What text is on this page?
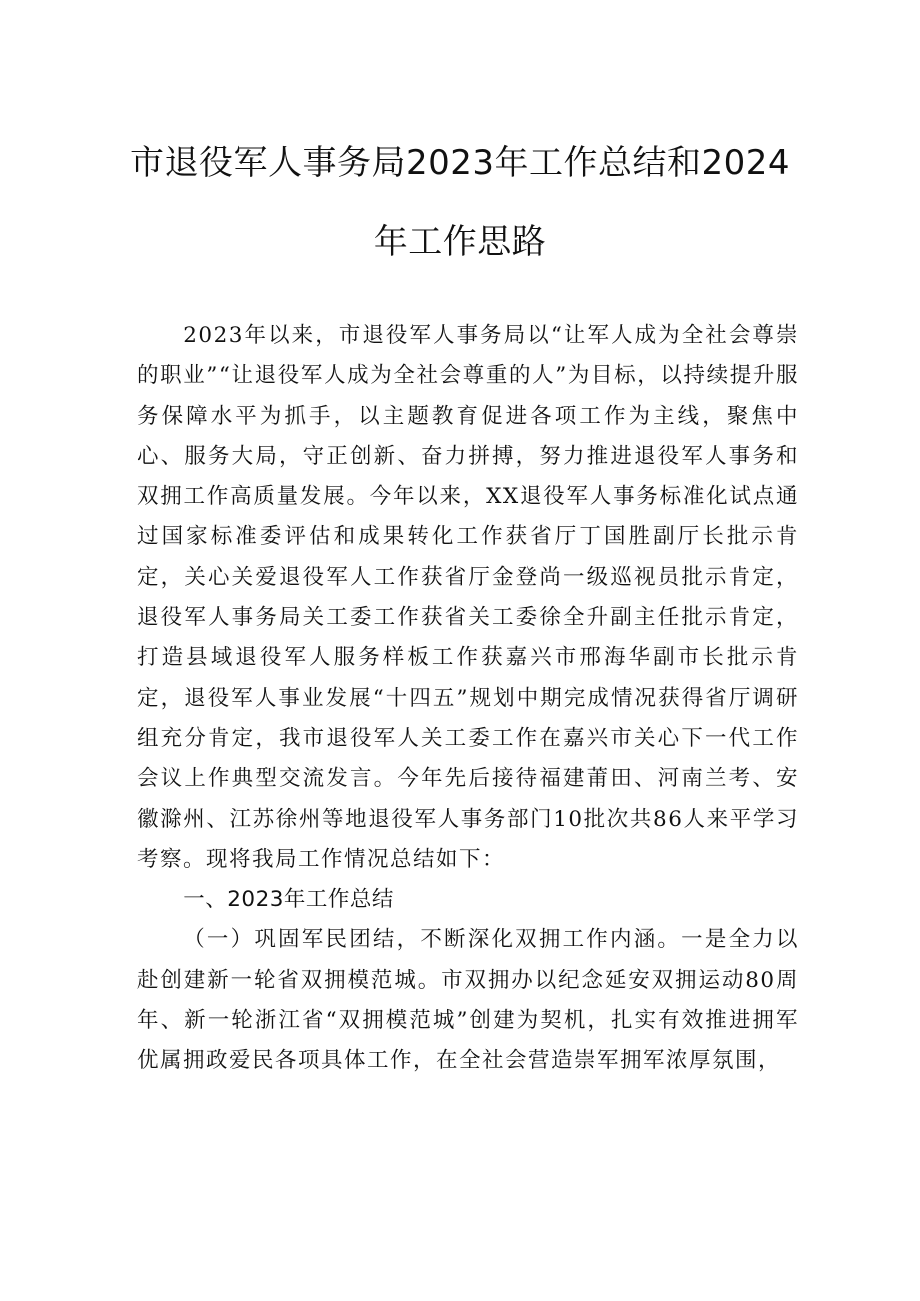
市退役军人事务局2023年工作总结和2024
年工作思路

2023年以来，市退役军人事务局以“让军人成为全社会尊崇的职业”“让退役军人成为全社会尊重的人”为目标，以持续提升服务保障水平为抓手，以主题教育促进各项工作为主线，聚焦中心、服务大局，守正创新、奋力拼搏，努力推进退役军人事务和双拥工作高质量发展。今年以来，XX退役军人事务标准化试点通过国家标准委评估和成果转化工作获省厅丁国胜副厅长批示肯定，关心关爱退役军人工作获省厅金登尚一级巡视员批示肯定，退役军人事务局关工委工作获省关工委徐全升副主任批示肯定，打造县域退役军人服务样板工作获嘉兴市邢海华副市长批示肯定，退役军人事业发展“十四五”规划中期完成情况获得省厅调研组充分肯定，我市退役军人关工委工作在嘉兴市关心下一代工作会议上作典型交流发言。今年先后接待福建莆田、河南兰考、安徽滁州、江苏徐州等地退役军人事务部门10批次共86人来平学习考察。现将我局工作情况总结如下：

一、2023年工作总结

（一）巩固军民团结，不断深化双拥工作内涵。一是全力以赴创建新一轮省双拥模范城。市双拥办以纪念延安双拥运动80周年、新一轮浙江省“双拥模范城”创建为契机，扎实有效推进拥军优属拥政爱民各项具体工作，在全社会营造崇军拥军浓厚氛围，
